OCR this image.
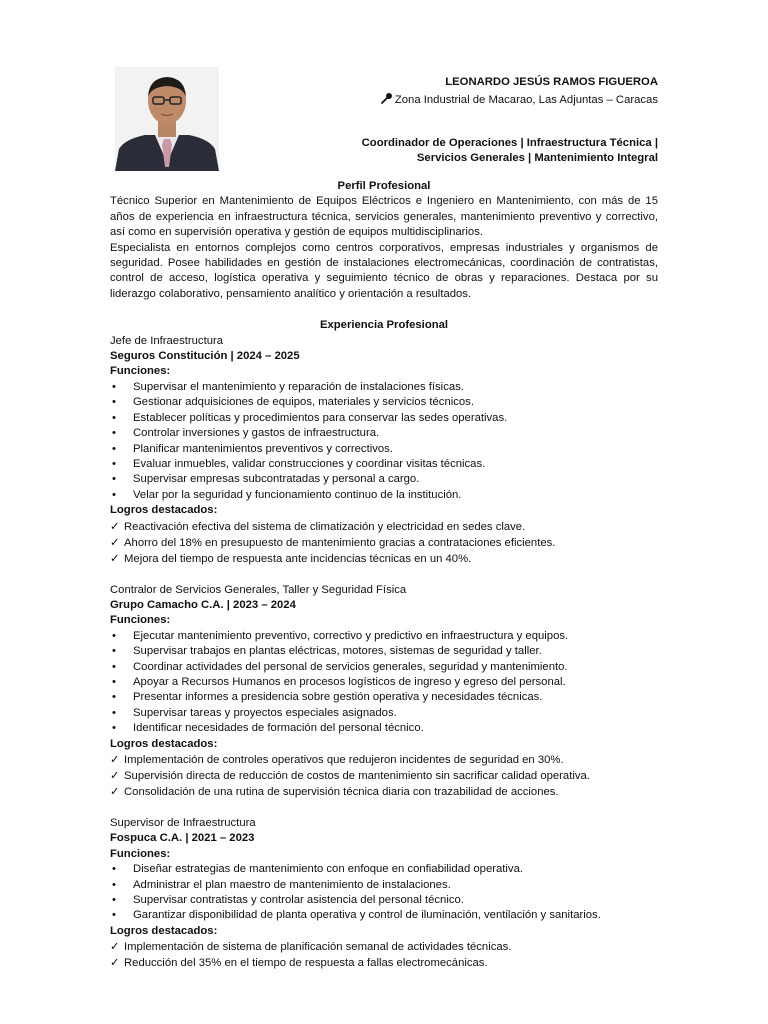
LEONARDO JESÚS RAMOS FIGUEROA
Zona Industrial de Macarao, Las Adjuntas – Caracas
Coordinador de Operaciones | Infraestructura Técnica |
Servicios Generales | Mantenimiento Integral
Perfil Profesional
Técnico Superior en Mantenimiento de Equipos Eléctricos e Ingeniero en Mantenimiento, con más de 15 años de experiencia en infraestructura técnica, servicios generales, mantenimiento preventivo y correctivo, así como en supervisión operativa y gestión de equipos multidisciplinarios.
Especialista en entornos complejos como centros corporativos, empresas industriales y organismos de seguridad. Posee habilidades en gestión de instalaciones electromecánicas, coordinación de contratistas, control de acceso, logística operativa y seguimiento técnico de obras y reparaciones. Destaca por su liderazgo colaborativo, pensamiento analítico y orientación a resultados.
Experiencia Profesional
Jefe de Infraestructura
Seguros Constitución | 2024 – 2025
Funciones:
• Supervisar el mantenimiento y reparación de instalaciones físicas.
• Gestionar adquisiciones de equipos, materiales y servicios técnicos.
• Establecer políticas y procedimientos para conservar las sedes operativas.
• Controlar inversiones y gastos de infraestructura.
• Planificar mantenimientos preventivos y correctivos.
• Evaluar inmuebles, validar construcciones y coordinar visitas técnicas.
• Supervisar empresas subcontratadas y personal a cargo.
• Velar por la seguridad y funcionamiento continuo de la institución.
Logros destacados:
✓ Reactivación efectiva del sistema de climatización y electricidad en sedes clave.
✓ Ahorro del 18% en presupuesto de mantenimiento gracias a contrataciones eficientes.
✓ Mejora del tiempo de respuesta ante incidencias técnicas en un 40%.
Contralor de Servicios Generales, Taller y Seguridad Física
Grupo Camacho C.A. | 2023 – 2024
Funciones:
• Ejecutar mantenimiento preventivo, correctivo y predictivo en infraestructura y equipos.
• Supervisar trabajos en plantas eléctricas, motores, sistemas de seguridad y taller.
• Coordinar actividades del personal de servicios generales, seguridad y mantenimiento.
• Apoyar a Recursos Humanos en procesos logísticos de ingreso y egreso del personal.
• Presentar informes a presidencia sobre gestión operativa y necesidades técnicas.
• Supervisar tareas y proyectos especiales asignados.
• Identificar necesidades de formación del personal técnico.
Logros destacados:
✓ Implementación de controles operativos que redujeron incidentes de seguridad en 30%.
✓ Supervisión directa de reducción de costos de mantenimiento sin sacrificar calidad operativa.
✓ Consolidación de una rutina de supervisión técnica diaria con trazabilidad de acciones.
Supervisor de Infraestructura
Fospuca C.A. | 2021 – 2023
Funciones:
• Diseñar estrategias de mantenimiento con enfoque en confiabilidad operativa.
• Administrar el plan maestro de mantenimiento de instalaciones.
• Supervisar contratistas y controlar asistencia del personal técnico.
• Garantizar disponibilidad de planta operativa y control de iluminación, ventilación y sanitarios.
Logros destacados:
✓ Implementación de sistema de planificación semanal de actividades técnicas.
✓ Reducción del 35% en el tiempo de respuesta a fallas electromecánicas.
